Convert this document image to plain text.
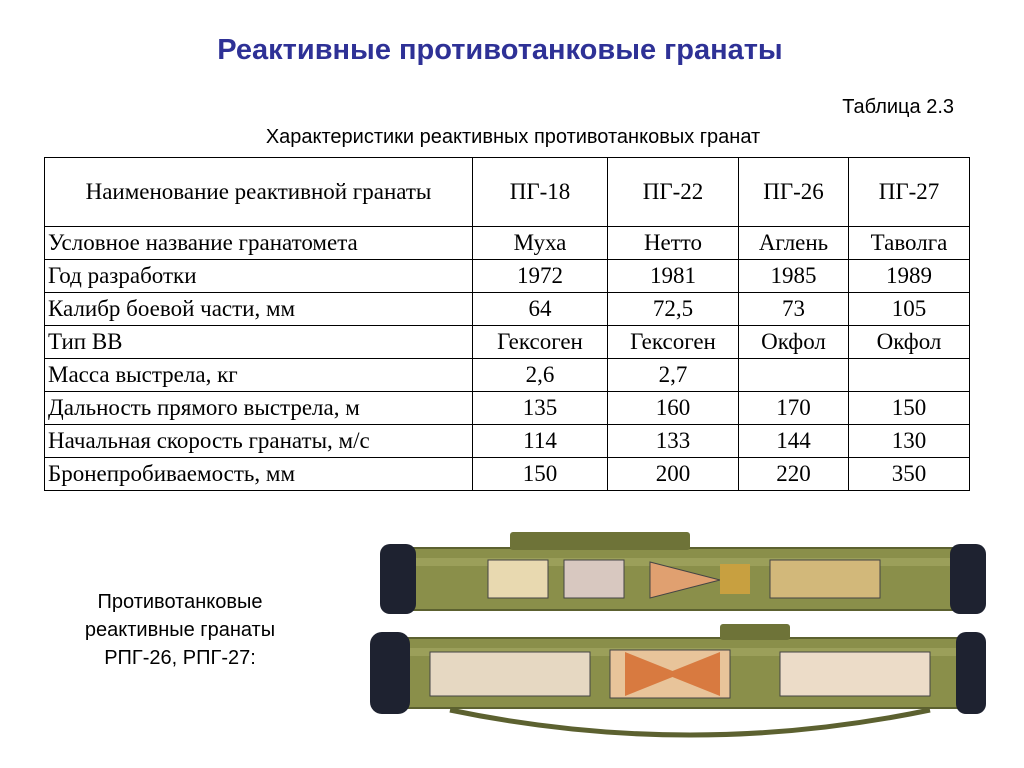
Реактивные противотанковые гранаты
Таблица 2.3
Характеристики реактивных противотанковых гранат
Наименование реактивной гранаты	ПГ-18	ПГ-22	ПГ-26	ПГ-27
Условное название гранатомета	Муха	Нетто	Аглень	Таволга
Год разработки	1972	1981	1985	1989
Калибр боевой части, мм	64	72,5	73	105
Тип ВВ	Гексоген	Гексоген	Окфол	Окфол
Масса выстрела, кг	2,6	2,7		
Дальность прямого выстрела, м	135	160	170	150
Начальная скорость гранаты, м/с	114	133	144	130
Бронепробиваемость, мм	150	200	220	350
Противотанковые реактивные гранаты РПГ-26, РПГ-27:
